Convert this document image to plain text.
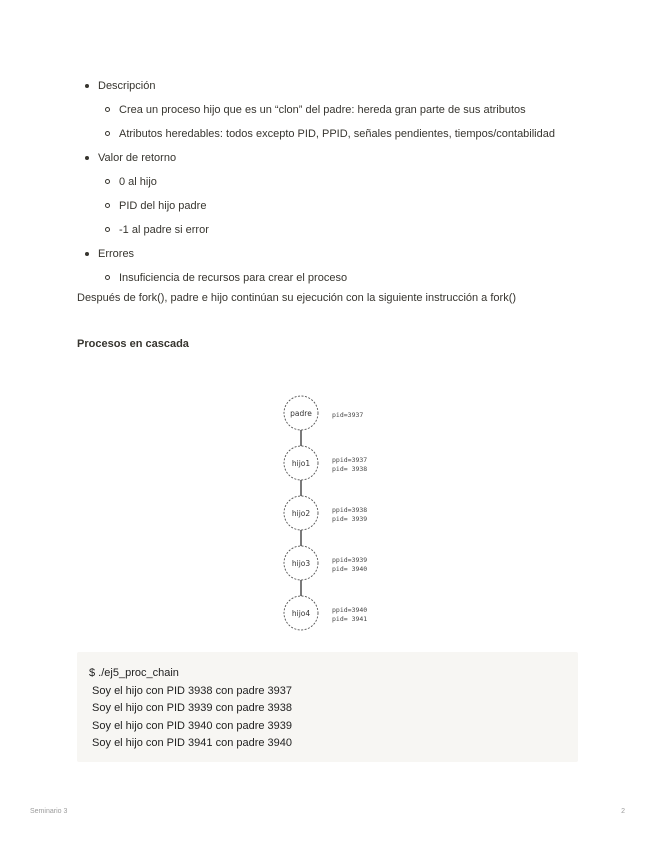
Descripción
Crea un proceso hijo que es un “clon” del padre: hereda gran parte de sus atributos
Atributos heredables: todos excepto PID, PPID, señales pendientes, tiempos/contabilidad
Valor de retorno
0 al hijo
PID del hijo padre
-1 al padre si error
Errores
Insuficiencia de recursos para crear el proceso

Después de fork(), padre e hijo continúan su ejecución con la siguiente instrucción a fork()

Procesos en cascada

padre	pid=3937
hijo1	ppid=3937
pid= 3938
hijo2	ppid=3938
pid= 3939
hijo3	ppid=3939
pid= 3940
hijo4	ppid=3940
pid= 3941
$ ./ej5_proc_chain
Soy el hijo con PID 3938 con padre 3937
Soy el hijo con PID 3939 con padre 3938
Soy el hijo con PID 3940 con padre 3939
Soy el hijo con PID 3941 con padre 3940
Seminario 3	2
